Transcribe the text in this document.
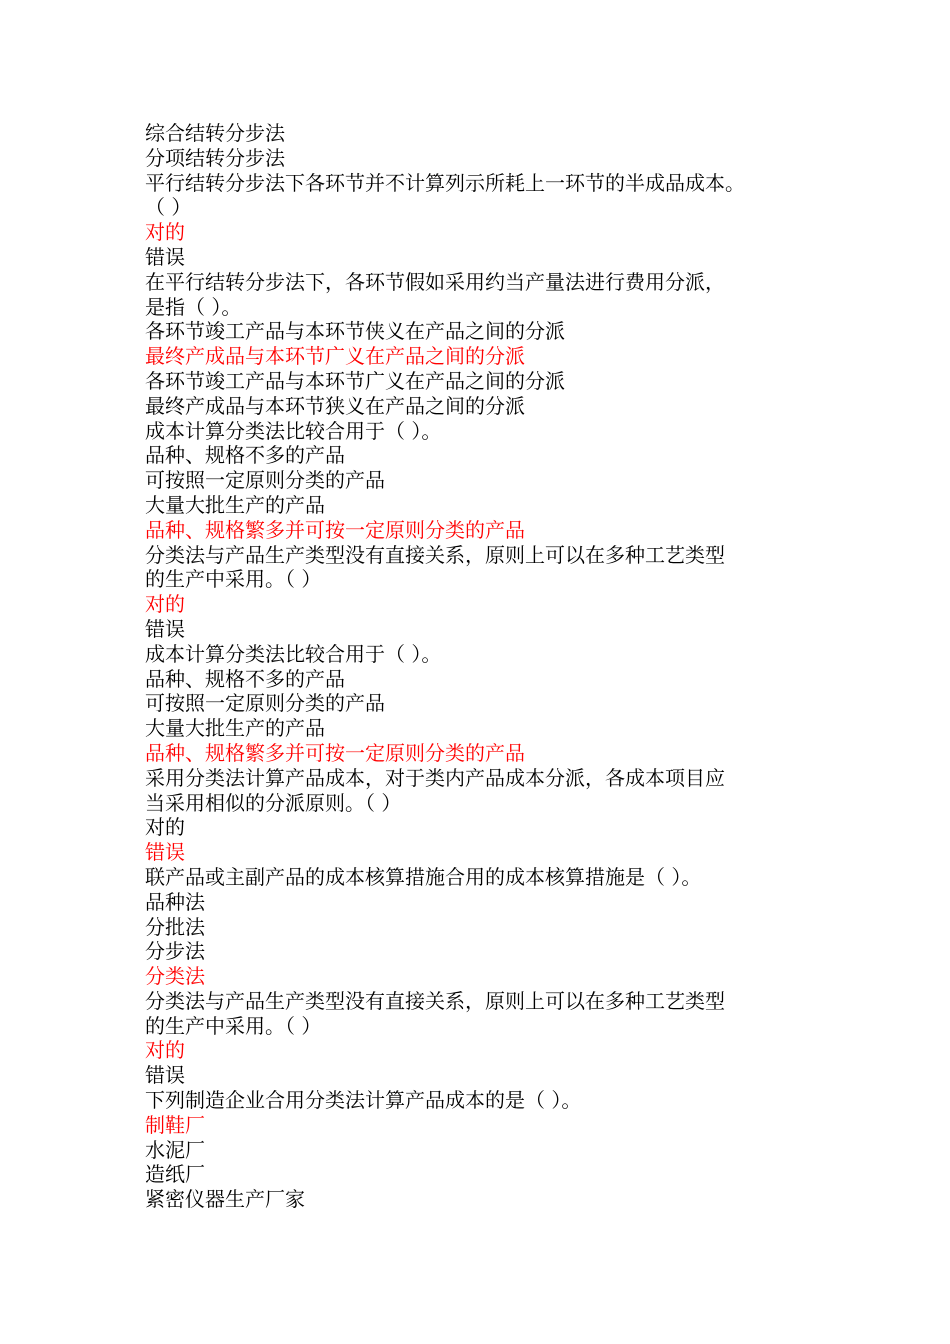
综合结转分步法
分项结转分步法
平行结转分步法下各环节并不计算列示所耗上一环节的半成品成本。
（ ）
对的
错误
在平行结转分步法下，各环节假如采用约当产量法进行费用分派，
是指（ ）。
各环节竣工产品与本环节侠义在产品之间的分派
最终产成品与本环节广义在产品之间的分派
各环节竣工产品与本环节广义在产品之间的分派
最终产成品与本环节狭义在产品之间的分派
成本计算分类法比较合用于（ ）。
品种、规格不多的产品
可按照一定原则分类的产品
大量大批生产的产品
品种、规格繁多并可按一定原则分类的产品
分类法与产品生产类型没有直接关系，原则上可以在多种工艺类型
的生产中采用。（ ）
对的
错误
成本计算分类法比较合用于（ ）。
品种、规格不多的产品
可按照一定原则分类的产品
大量大批生产的产品
品种、规格繁多并可按一定原则分类的产品
采用分类法计算产品成本，对于类内产品成本分派，各成本项目应
当采用相似的分派原则。（ ）
对的
错误
联产品或主副产品的成本核算措施合用的成本核算措施是（ ）。
品种法
分批法
分步法
分类法
分类法与产品生产类型没有直接关系，原则上可以在多种工艺类型
的生产中采用。（ ）
对的
错误
下列制造企业合用分类法计算产品成本的是（ ）。
制鞋厂
水泥厂
造纸厂
紧密仪器生产厂家
